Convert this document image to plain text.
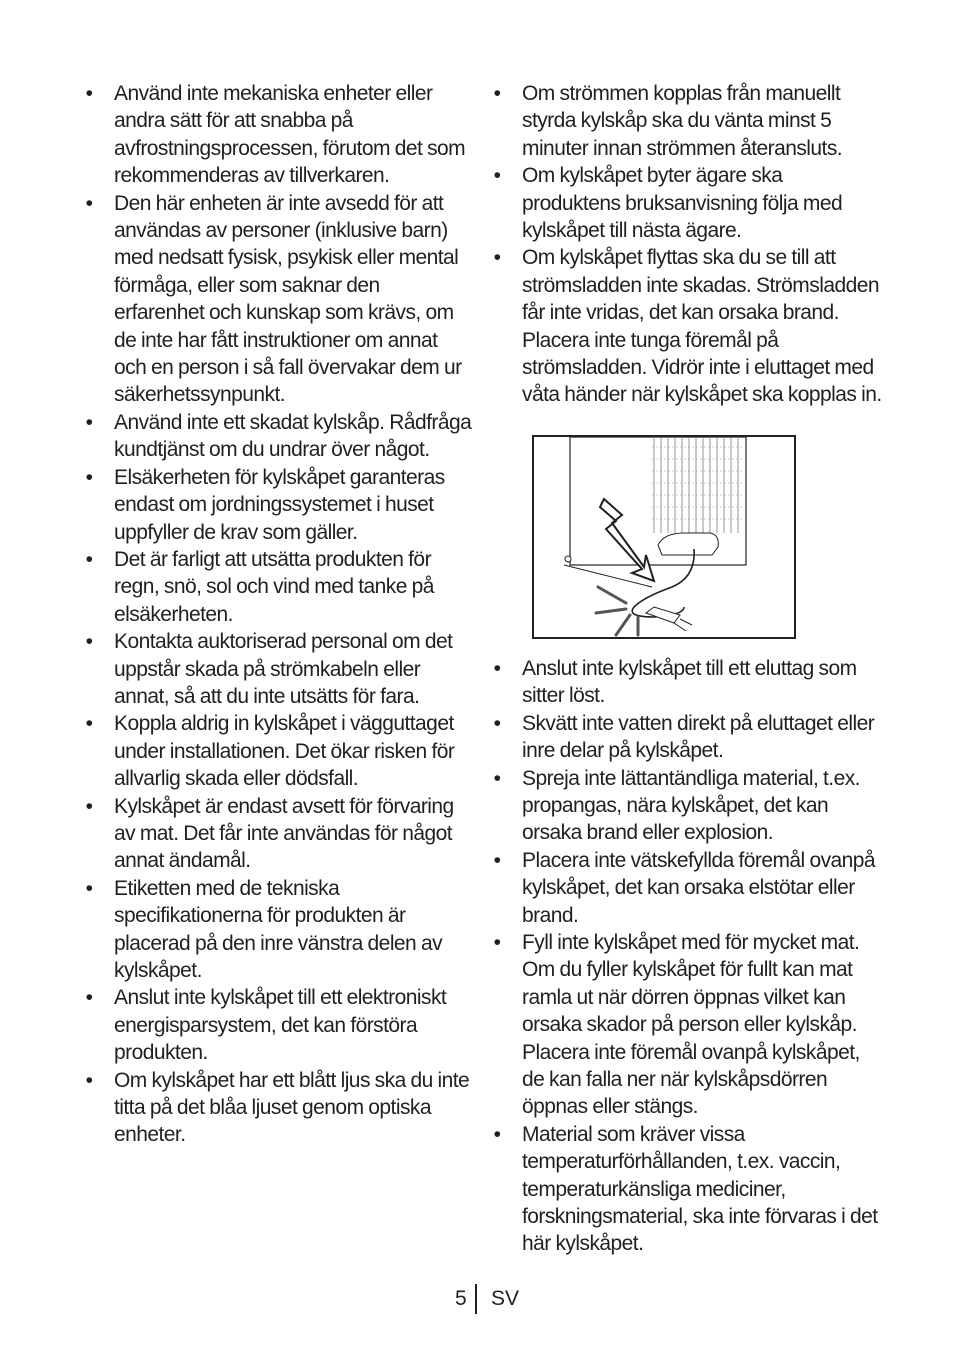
• Använd inte mekaniska enheter eller andra sätt för att snabba på avfrostningsprocessen, förutom det som rekommenderas av tillverkaren.
• Den här enheten är inte avsedd för att användas av personer (inklusive barn) med nedsatt fysisk, psykisk eller mental förmåga, eller som saknar den erfarenhet och kunskap som krävs, om de inte har fått instruktioner om annat och en person i så fall övervakar dem ur säkerhetssynpunkt.
• Använd inte ett skadat kylskåp. Rådfråga kundtjänst om du undrar över något.
• Elsäkerheten för kylskåpet garanteras endast om jordningssystemet i huset uppfyller de krav som gäller.
• Det är farligt att utsätta produkten för regn, snö, sol och vind med tanke på elsäkerheten.
• Kontakta auktoriserad personal om det uppstår skada på strömkabeln eller annat, så att du inte utsätts för fara.
• Koppla aldrig in kylskåpet i vägguttaget under installationen. Det ökar risken för allvarlig skada eller dödsfall.
• Kylskåpet är endast avsett för förvaring av mat. Det får inte användas för något annat ändamål.
• Etiketten med de tekniska specifikationerna för produkten är placerad på den inre vänstra delen av kylskåpet.
• Anslut inte kylskåpet till ett elektroniskt energisparsystem, det kan förstöra produkten.
• Om kylskåpet har ett blått ljus ska du inte titta på det blåa ljuset genom optiska enheter.
• Om strömmen kopplas från manuellt styrda kylskåp ska du vänta minst 5 minuter innan strömmen återansluts.
• Om kylskåpet byter ägare ska produktens bruksanvisning följa med kylskåpet till nästa ägare.
• Om kylskåpet flyttas ska du se till att strömsladden inte skadas. Strömsladden får inte vridas, det kan orsaka brand. Placera inte tunga föremål på strömsladden. Vidrör inte i eluttaget med våta händer när kylskåpet ska kopplas in.
• Anslut inte kylskåpet till ett eluttag som sitter löst.
• Skvätt inte vatten direkt på eluttaget eller inre delar på kylskåpet.
• Spreja inte lättantändliga material, t.ex. propangas, nära kylskåpet, det kan orsaka brand eller explosion.
• Placera inte vätskefyllda föremål ovanpå kylskåpet, det kan orsaka elstötar eller brand.
• Fyll inte kylskåpet med för mycket mat. Om du fyller kylskåpet för fullt kan mat ramla ut när dörren öppnas vilket kan orsaka skador på person eller kylskåp. Placera inte föremål ovanpå kylskåpet, de kan falla ner när kylskåpsdörren öppnas eller stängs.
• Material som kräver vissa temperaturförhållanden, t.ex. vaccin, temperaturkänsliga mediciner, forskningsmaterial, ska inte förvaras i det här kylskåpet.
5 SV
